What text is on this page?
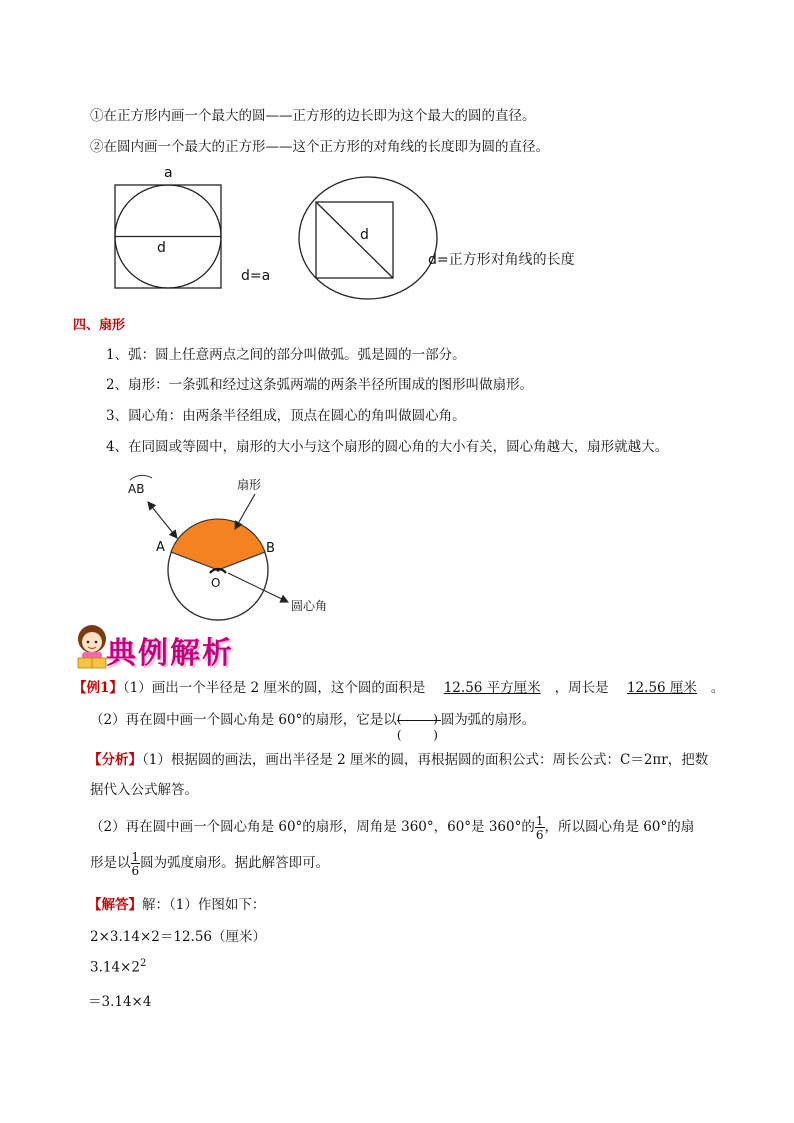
①在正方形内画一个最大的圆——正方形的边长即为这个最大的圆的直径。
②在圆内画一个最大的正方形——这个正方形的对角线的长度即为圆的直径。
a
d
d=a
d
d=正方形对角线的长度
四、扇形
1、弧：圆上任意两点之间的部分叫做弧。弧是圆的一部分。
2、扇形：一条弧和经过这条弧两端的两条半径所围成的图形叫做扇形。
3、圆心角：由两条半径组成，顶点在圆心的角叫做圆心角。
4、在同圆或等圆中，扇形的大小与这个扇形的圆心角的大小有关，圆心角越大，扇形就越大。
AB	扇形
A	B
O
圆心角
典例解析
【例1】（1）画出一个半径是 2 厘米的圆，这个圆的面积是 12.56 平方厘米 ，周长是 12.56 厘米 。
（2）再在圆中画一个圆心角是 60°的扇形，它是以 ( )
( )
圆为弧的扇形。
【分析】（1）根据圆的画法，画出半径是 2 厘米的圆，再根据圆的面积公式：周长公式：C＝2πr，把数
据代入公式解答。
（2）再在圆中画一个圆心角是 60°的扇形，周角是 360°，60°是 360°的 $\frac{1}{6}$ ，所以圆心角是 60°的扇
形是以 $\frac{1}{6}$ 圆为弧度扇形。据此解答即可。
【解答】解：（1）作图如下：
2×3.14×2＝12.56（厘米）
$3.14\times 2^2$
＝3.14×4
